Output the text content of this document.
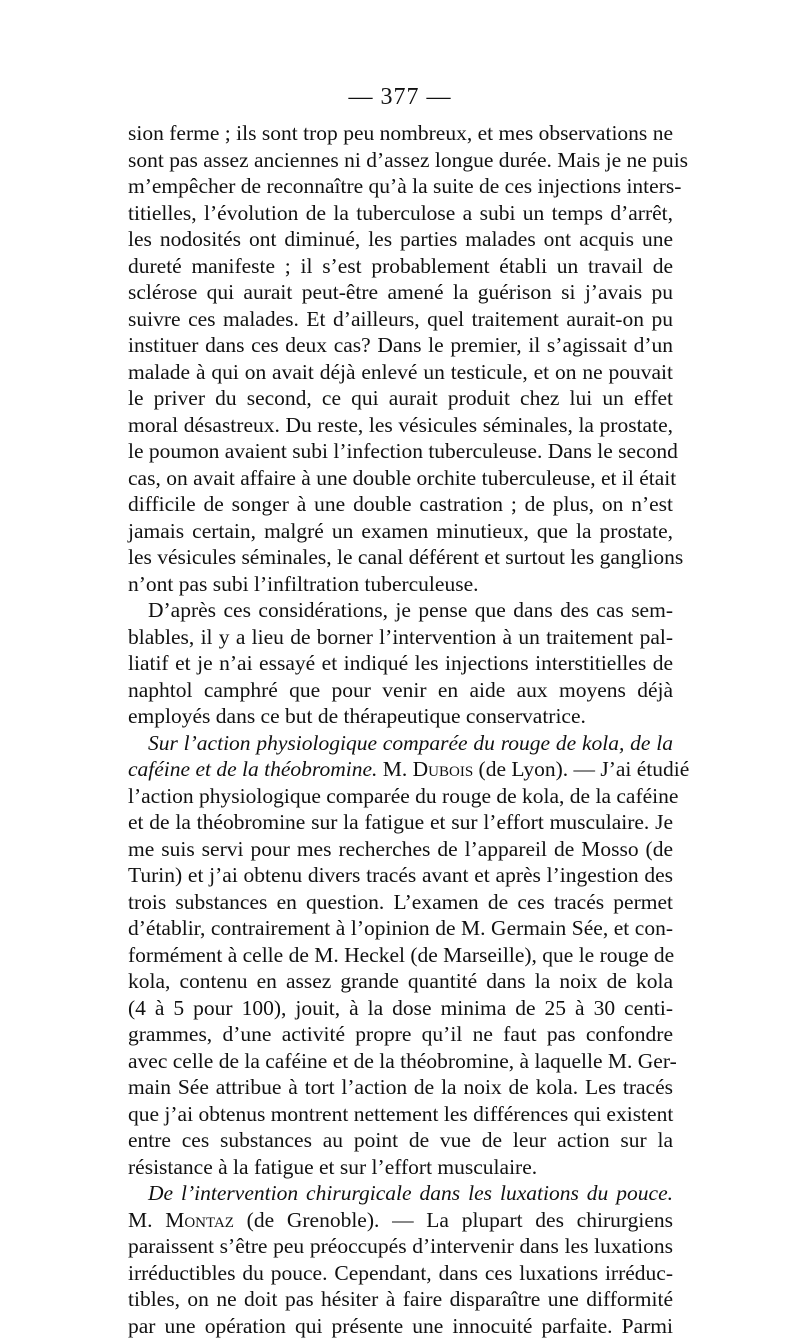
— 377 —
sion ferme ; ils sont trop peu nombreux, et mes observations ne
sont pas assez anciennes ni d’assez longue durée. Mais je ne puis
m’empêcher de reconnaître qu’à la suite de ces injections inters-
titielles, l’évolution de la tuberculose a subi un temps d’arrêt,
les nodosités ont diminué, les parties malades ont acquis une
dureté manifeste ; il s’est probablement établi un travail de
sclérose qui aurait peut-être amené la guérison si j’avais pu
suivre ces malades. Et d’ailleurs, quel traitement aurait-on pu
instituer dans ces deux cas? Dans le premier, il s’agissait d’un
malade à qui on avait déjà enlevé un testicule, et on ne pouvait
le priver du second, ce qui aurait produit chez lui un effet
moral désastreux. Du reste, les vésicules séminales, la prostate,
le poumon avaient subi l’infection tuberculeuse. Dans le second
cas, on avait affaire à une double orchite tuberculeuse, et il était
difficile de songer à une double castration ; de plus, on n’est
jamais certain, malgré un examen minutieux, que la prostate,
les vésicules séminales, le canal déférent et surtout les ganglions
n’ont pas subi l’infiltration tuberculeuse.
D’après ces considérations, je pense que dans des cas sem-
blables, il y a lieu de borner l’intervention à un traitement pal-
liatif et je n’ai essayé et indiqué les injections interstitielles de
naphtol camphré que pour venir en aide aux moyens déjà
employés dans ce but de thérapeutique conservatrice.
Sur l’action physiologique comparée du rouge de kola, de la
caféine et de la théobromine. M. Dubois (de Lyon). — J’ai étudié
l’action physiologique comparée du rouge de kola, de la caféine
et de la théobromine sur la fatigue et sur l’effort musculaire. Je
me suis servi pour mes recherches de l’appareil de Mosso (de
Turin) et j’ai obtenu divers tracés avant et après l’ingestion des
trois substances en question. L’examen de ces tracés permet
d’établir, contrairement à l’opinion de M. Germain Sée, et con-
formément à celle de M. Heckel (de Marseille), que le rouge de
kola, contenu en assez grande quantité dans la noix de kola
(4 à 5 pour 100), jouit, à la dose minima de 25 à 30 centi-
grammes, d’une activité propre qu’il ne faut pas confondre
avec celle de la caféine et de la théobromine, à laquelle M. Ger-
main Sée attribue à tort l’action de la noix de kola. Les tracés
que j’ai obtenus montrent nettement les différences qui existent
entre ces substances au point de vue de leur action sur la
résistance à la fatigue et sur l’effort musculaire.
De l’intervention chirurgicale dans les luxations du pouce.
M. Montaz (de Grenoble). — La plupart des chirurgiens
paraissent s’être peu préoccupés d’intervenir dans les luxations
irréductibles du pouce. Cependant, dans ces luxations irréduc-
tibles, on ne doit pas hésiter à faire disparaître une difformité
par une opération qui présente une innocuité parfaite. Parmi
